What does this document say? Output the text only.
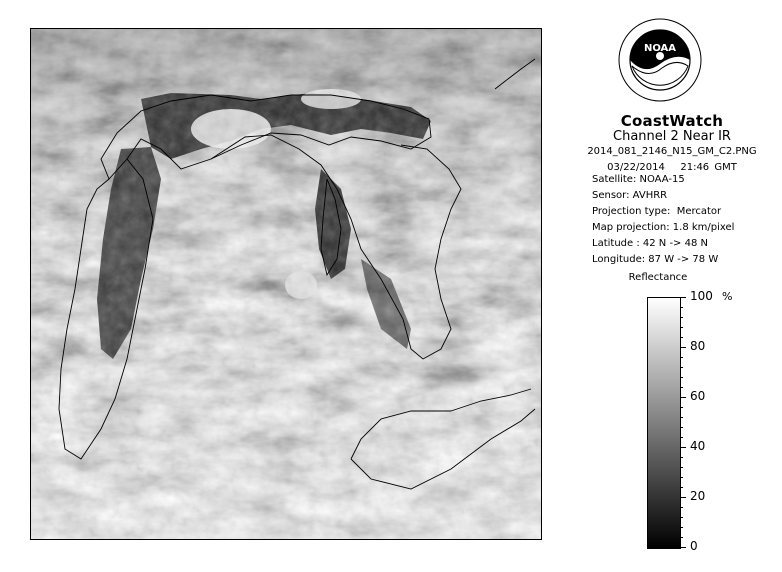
NOAA
CoastWatch
Channel 2 Near IR
2014_081_2146_N15_GM_C2.PNG
03/22/2014   21:46 GMT
Satellite: NOAA-15
Sensor: AVHRR
Projection type:  Mercator
Map projection: 1.8 km/pixel
Latitude : 42 N -> 48 N
Longitude: 87 W -> 78 W
Reflectance
%
100
80
60
40
20
0
